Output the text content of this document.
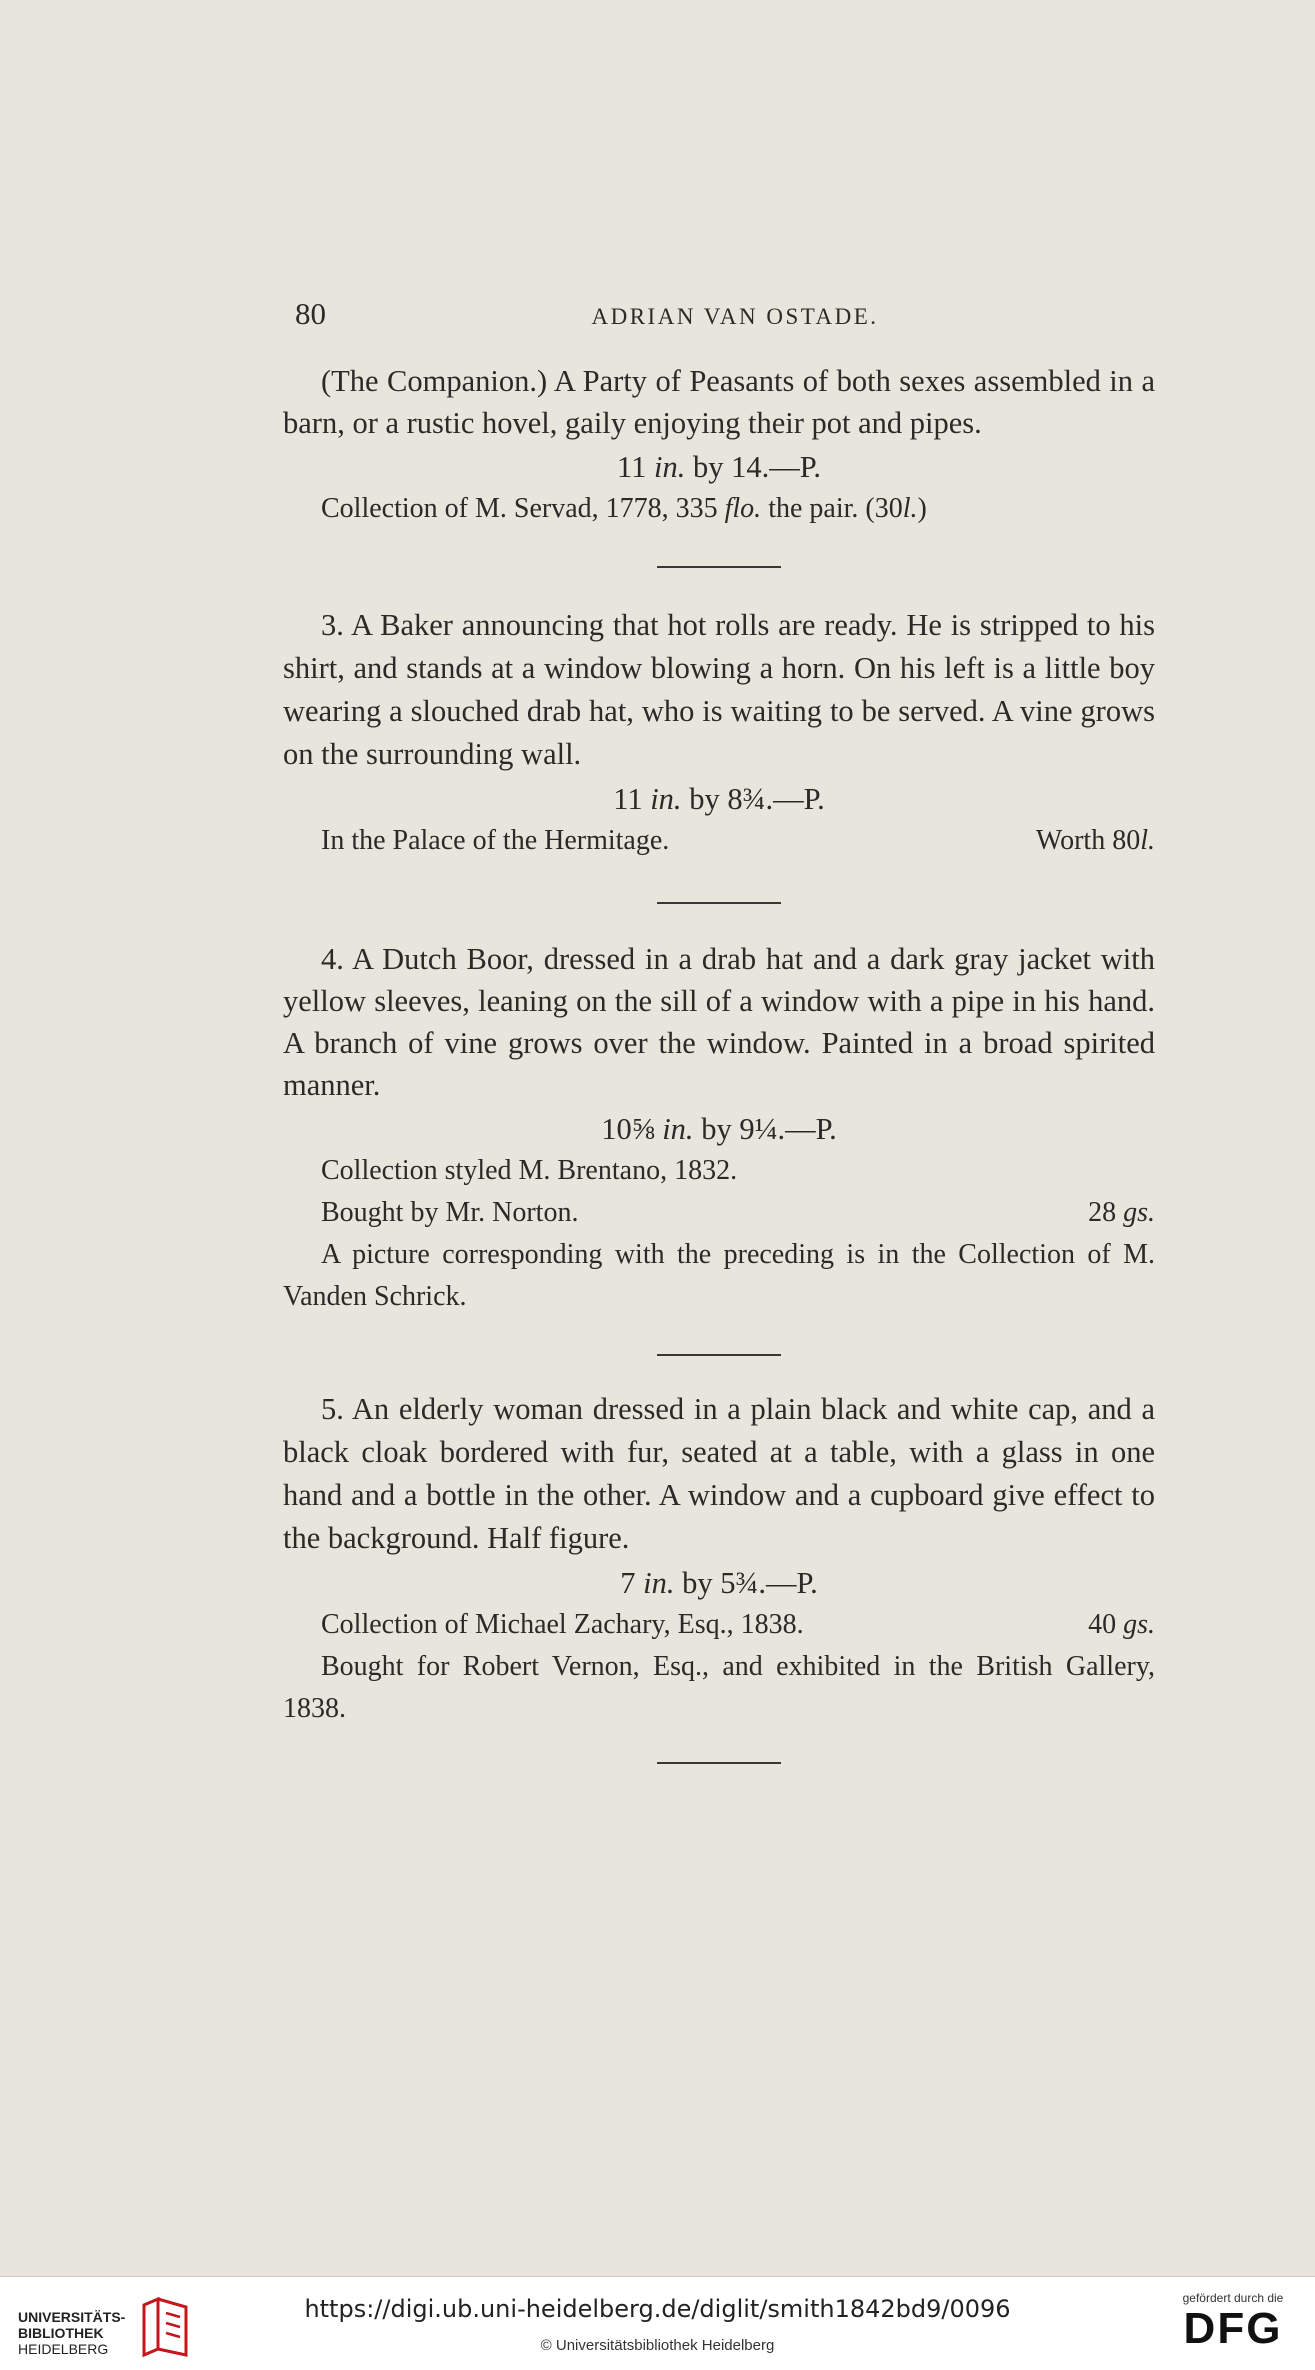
80	ADRIAN VAN OSTADE.

(The Companion.) A Party of Peasants of both sexes assembled in a barn, or a rustic hovel, gaily enjoying their pot and pipes.

11 in. by 14.—P.

Collection of M. Servad, 1778, 335 flo. the pair. (30l.)

3. A Baker announcing that hot rolls are ready. He is stripped to his shirt, and stands at a window blowing a horn. On his left is a little boy wearing a slouched drab hat, who is waiting to be served. A vine grows on the surrounding wall.

11 in. by 8¾.—P.

In the Palace of the Hermitage.	Worth 80l.

4. A Dutch Boor, dressed in a drab hat and a dark gray jacket with yellow sleeves, leaning on the sill of a window with a pipe in his hand. A branch of vine grows over the window. Painted in a broad spirited manner.

10⅝ in. by 9¼.—P.

Collection styled M. Brentano, 1832.

Bought by Mr. Norton.	28 gs.

A picture corresponding with the preceding is in the Collection of M. Vanden Schrick.

5. An elderly woman dressed in a plain black and white cap, and a black cloak bordered with fur, seated at a table, with a glass in one hand and a bottle in the other. A window and a cupboard give effect to the background. Half figure.

7 in. by 5¾.—P.

Collection of Michael Zachary, Esq., 1838.	40 gs.

Bought for Robert Vernon, Esq., and exhibited in the British Gallery, 1838.

UNIVERSITÄTS-
BIBLIOTHEK
HEIDELBERG
https://digi.ub.uni-heidelberg.de/diglit/smith1842bd9/0096
© Universitätsbibliothek Heidelberg
gefördert durch die
DFG
